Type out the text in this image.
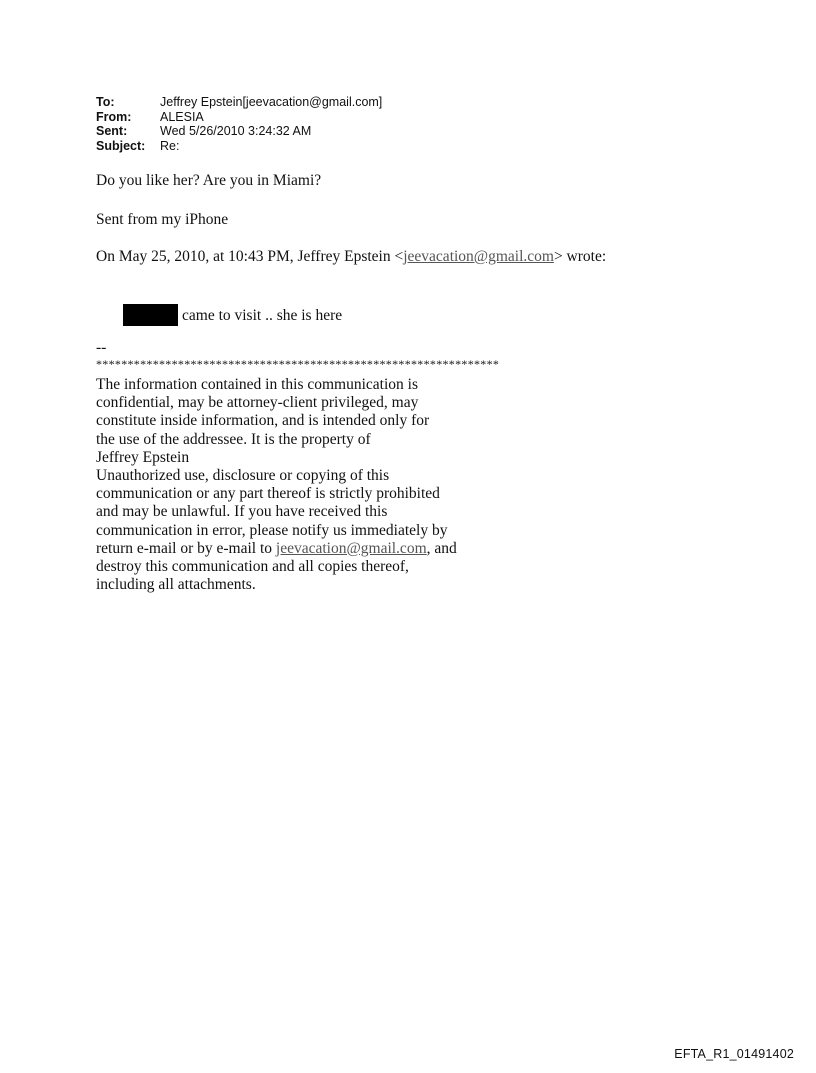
To:	Jeffrey Epstein[jeevacation@gmail.com]
From:	ALESIA
Sent:	Wed 5/26/2010 3:24:32 AM
Subject:	Re:
Do you like her? Are you in Miami?
Sent from my iPhone
On May 25, 2010, at 10:43 PM, Jeffrey Epstein <jeevacation@gmail.com> wrote:
came to visit .. she is here
--
****************************************************************
The information contained in this communication is
confidential, may be attorney-client privileged, may
constitute inside information, and is intended only for
the use of the addressee. It is the property of
Jeffrey Epstein
Unauthorized use, disclosure or copying of this
communication or any part thereof is strictly prohibited
and may be unlawful. If you have received this
communication in error, please notify us immediately by
return e-mail or by e-mail to jeevacation@gmail.com, and
destroy this communication and all copies thereof,
including all attachments.
EFTA_R1_01491402
